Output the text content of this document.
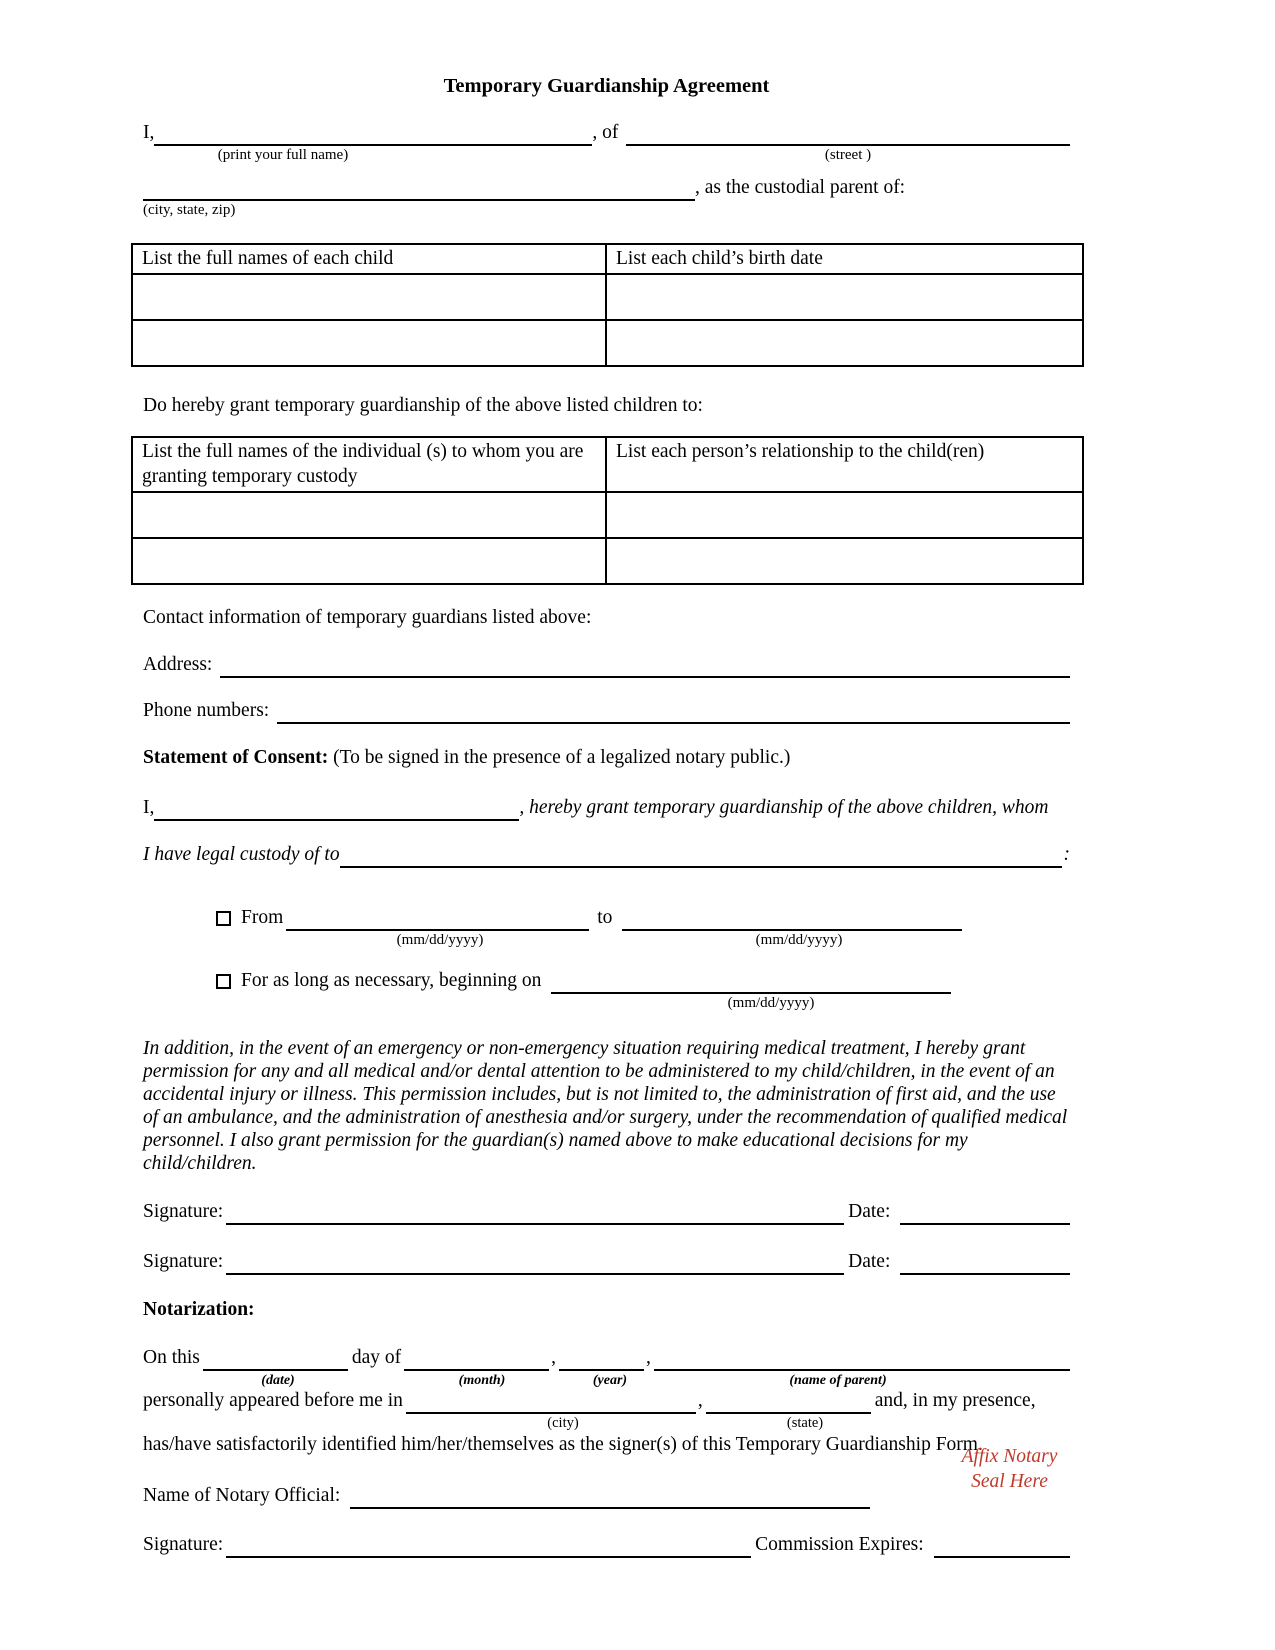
Temporary Guardianship Agreement
I,	, of
(print your full name)	(street )
, as the custodial parent of:
(city, state, zip)
List the full names of each child	List each child’s birth date

Do hereby grant temporary guardianship of the above listed children to:
List the full names of the individual (s) to whom you are granting temporary custody	List each person’s relationship to the child(ren)

Contact information of temporary guardians listed above:
Address:
Phone numbers:
Statement of Consent: (To be signed in the presence of a legalized notary public.)
I,	, hereby grant temporary guardianship of the above children, whom
I have legal custody of to	:
From	to
(mm/dd/yyyy)	(mm/dd/yyyy)
For as long as necessary, beginning on
(mm/dd/yyyy)
In addition, in the event of an emergency or non-emergency situation requiring medical treatment, I hereby grant permission for any and all medical and/or dental attention to be administered to my child/children, in the event of an accidental injury or illness. This permission includes, but is not limited to, the administration of first aid, and the use of an ambulance, and the administration of anesthesia and/or surgery, under the recommendation of qualified medical personnel. I also grant permission for the guardian(s) named above to make educational decisions for my child/children.
Signature:	Date:
Signature:	Date:
Notarization:
On this	day of	,	,
(date)	(month)	(year)	(name of parent)
personally appeared before me in	,	and, in my presence,
(city)	(state)
has/have satisfactorily identified him/her/themselves as the signer(s) of this Temporary Guardianship Form.
Name of Notary Official:
Signature:	Commission Expires:
Affix Notary
Seal Here
